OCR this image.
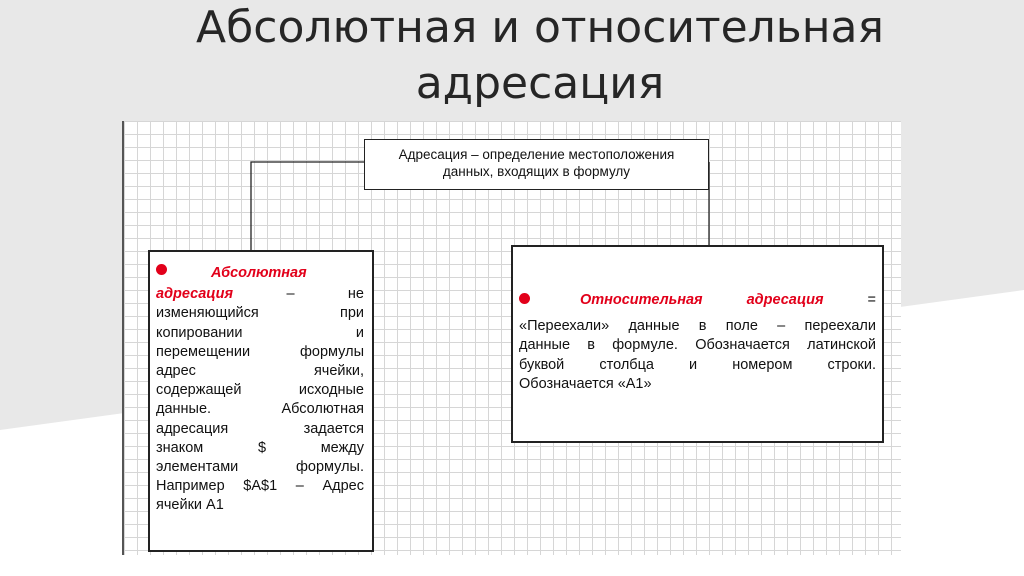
Абсолютная и относительная
адресация
Адресация – определение местоположения
данных, входящих в формулу
Абсолютная
адресация	– не
изменяющийся при
копировании и
перемещении формулы
адрес ячейки,
содержащей исходные
данные. Абсолютная
адресация задается
знаком $ между
элементами формулы.
Например $A$1 – Адрес
ячейки A1
Относительная	адресация	=
«Переехали» данные в поле – переехали
данные в формуле. Обозначается латинской
буквой столбца и номером строки.
Обозначается «А1»
